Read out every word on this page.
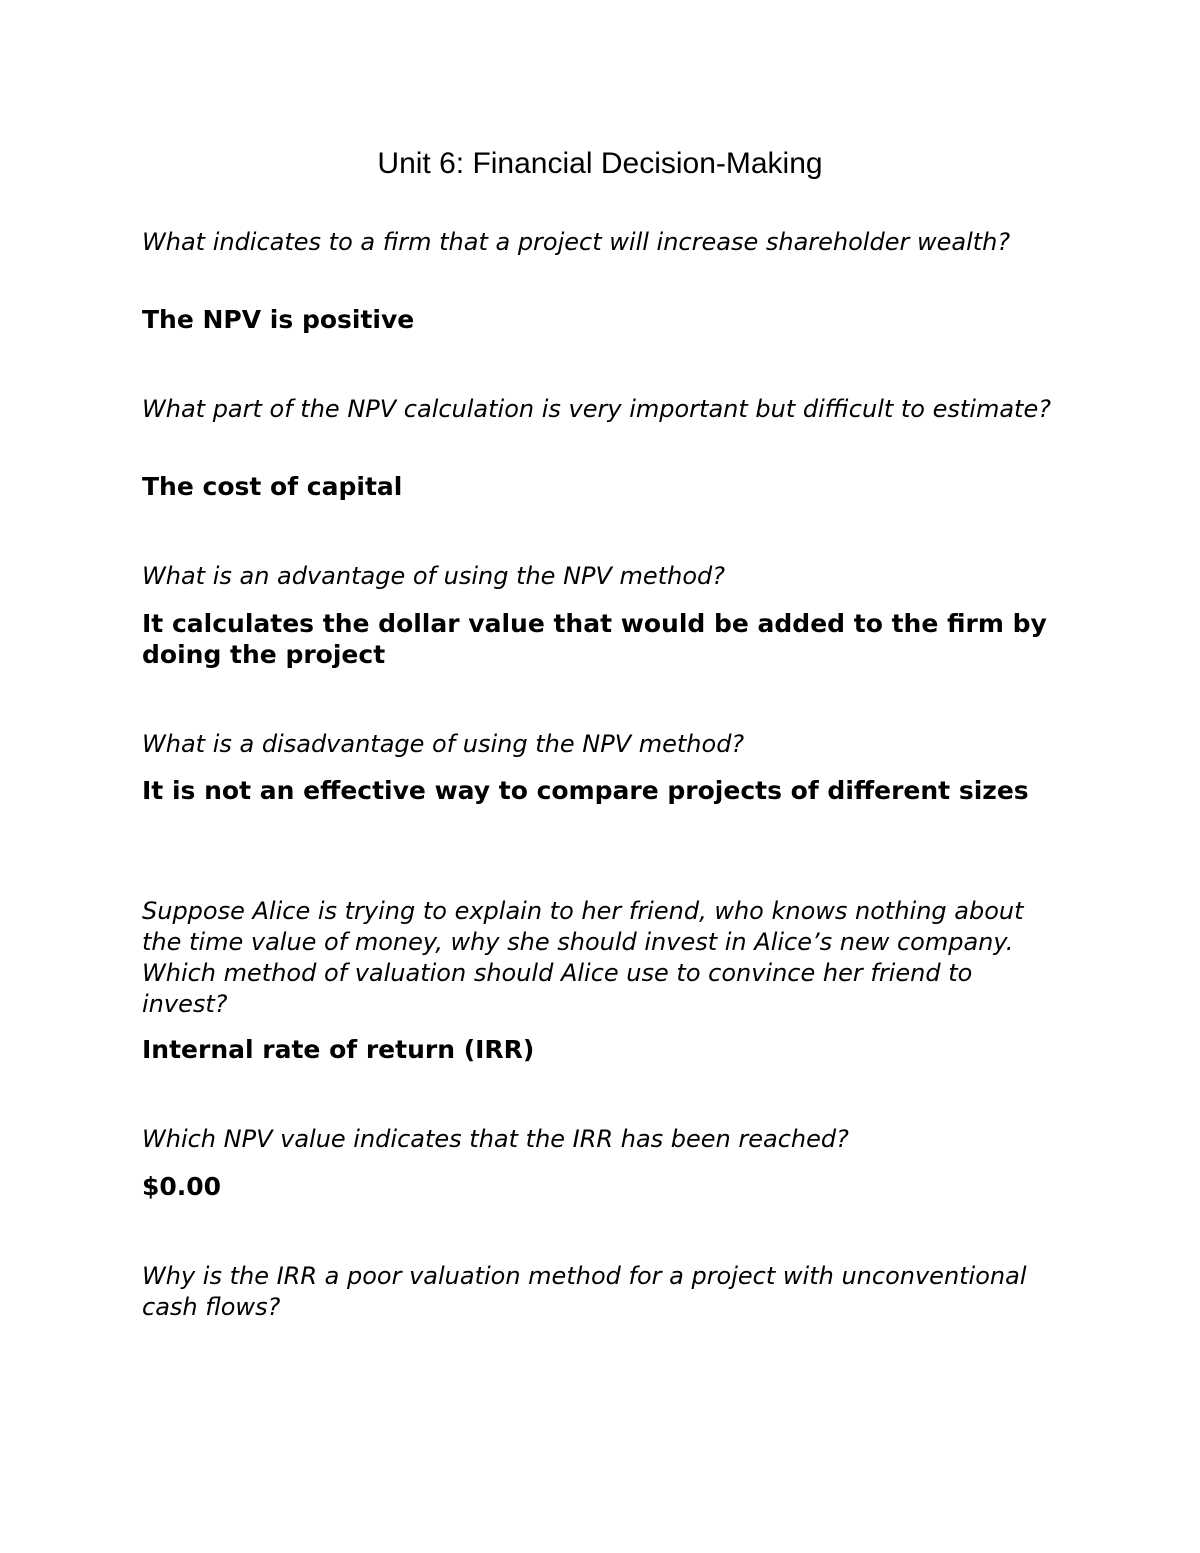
Unit 6: Financial Decision-Making

What indicates to a firm that a project will increase shareholder wealth?

The NPV is positive

What part of the NPV calculation is very important but difficult to estimate?

The cost of capital

What is an advantage of using the NPV method?

It calculates the dollar value that would be added to the firm by doing the project

What is a disadvantage of using the NPV method?

It is not an effective way to compare projects of different sizes

Suppose Alice is trying to explain to her friend, who knows nothing about the time value of money, why she should invest in Alice’s new company. Which method of valuation should Alice use to convince her friend to invest?

Internal rate of return (IRR)

Which NPV value indicates that the IRR has been reached?

$0.00

Why is the IRR a poor valuation method for a project with unconventional cash flows?
